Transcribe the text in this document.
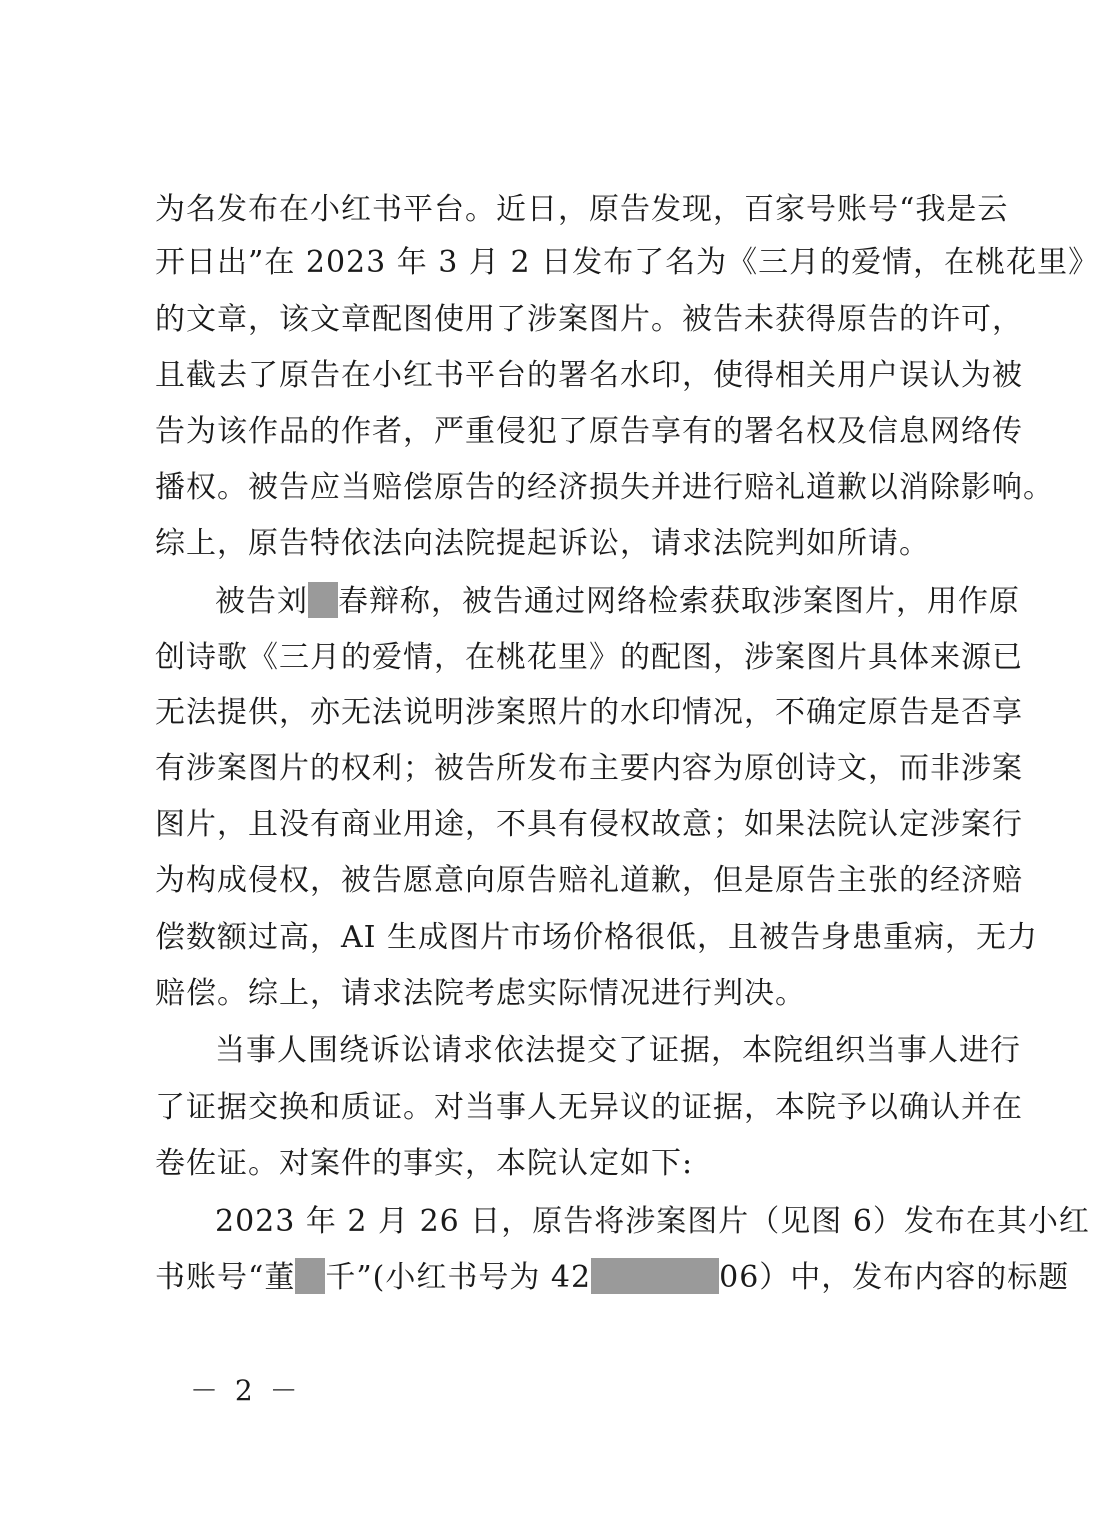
为名发布在小红书平台。近日，原告发现，百家号账号“我是云
开日出”在 2023 年 3 月 2 日发布了名为《三月的爱情，在桃花里》
的文章，该文章配图使用了涉案图片。被告未获得原告的许可，
且截去了原告在小红书平台的署名水印，使得相关用户误认为被
告为该作品的作者，严重侵犯了原告享有的署名权及信息网络传
播权。被告应当赔偿原告的经济损失并进行赔礼道歉以消除影响。
综上，原告特依法向法院提起诉讼，请求法院判如所请。
被告刘 春辩称，被告通过网络检索获取涉案图片，用作原
创诗歌《三月的爱情，在桃花里》的配图，涉案图片具体来源已
无法提供，亦无法说明涉案照片的水印情况，不确定原告是否享
有涉案图片的权利；被告所发布主要内容为原创诗文，而非涉案
图片，且没有商业用途，不具有侵权故意；如果法院认定涉案行
为构成侵权，被告愿意向原告赔礼道歉，但是原告主张的经济赔
偿数额过高，AI 生成图片市场价格很低，且被告身患重病，无力
赔偿。综上，请求法院考虑实际情况进行判决。
当事人围绕诉讼请求依法提交了证据，本院组织当事人进行
了证据交换和质证。对当事人无异议的证据，本院予以确认并在
卷佐证。对案件的事实，本院认定如下:
2023 年 2 月 26 日，原告将涉案图片（见图 6）发布在其小红
书账号“董 千”(小红书号为 42	06）中，发布内容的标题
－ 2 －
